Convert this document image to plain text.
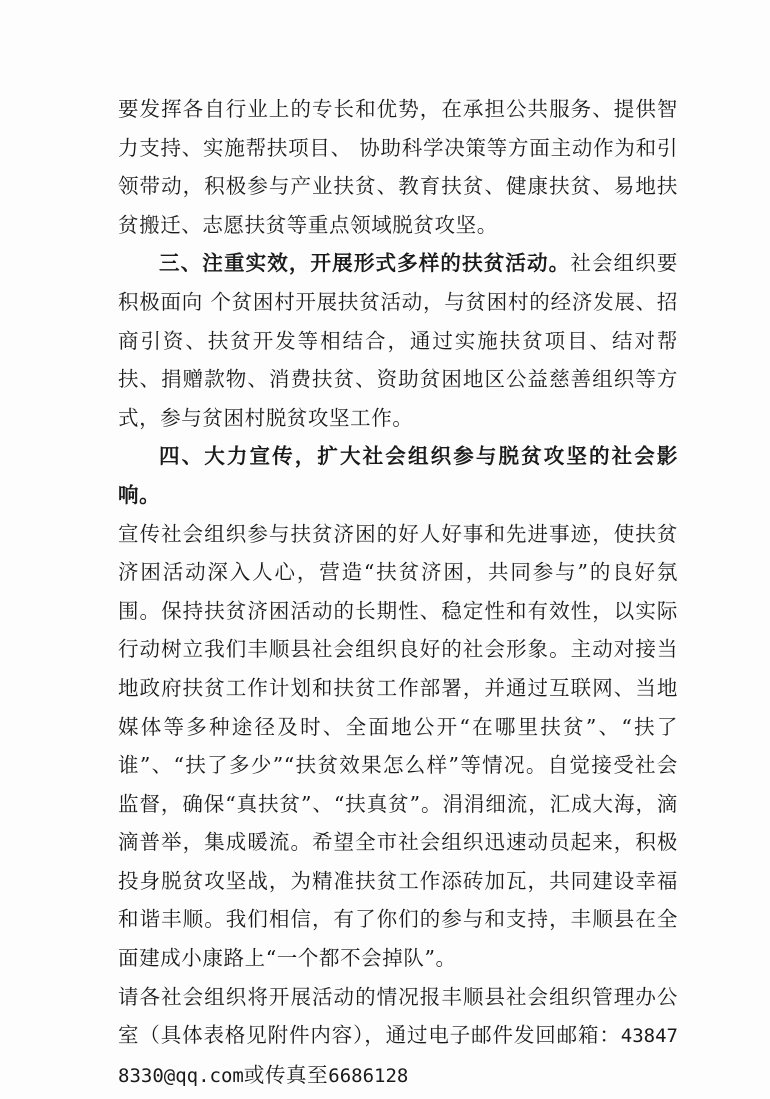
要发挥各自行业上的专长和优势，在承担公共服务、提供智力支持、实施帮扶项目、 协助科学决策等方面主动作为和引领带动，积极参与产业扶贫、教育扶贫、健康扶贫、易地扶贫搬迁、志愿扶贫等重点领域脱贫攻坚。

三、注重实效，开展形式多样的扶贫活动。社会组织要积极面向 个贫困村开展扶贫活动，与贫困村的经济发展、招商引资、扶贫开发等相结合，通过实施扶贫项目、结对帮扶、捐赠款物、消费扶贫、资助贫困地区公益慈善组织等方式，参与贫困村脱贫攻坚工作。

四、大力宣传，扩大社会组织参与脱贫攻坚的社会影响。

宣传社会组织参与扶贫济困的好人好事和先进事迹，使扶贫济困活动深入人心，营造“扶贫济困，共同参与”的良好氛围。保持扶贫济困活动的长期性、稳定性和有效性，以实际行动树立我们丰顺县社会组织良好的社会形象。主动对接当地政府扶贫工作计划和扶贫工作部署，并通过互联网、当地媒体等多种途径及时、全面地公开“在哪里扶贫”、“扶了谁”、“扶了多少”“扶贫效果怎么样”等情况。自觉接受社会监督，确保“真扶贫”、“扶真贫”。涓涓细流，汇成大海，滴滴普举，集成暖流。希望全市社会组织迅速动员起来，积极投身脱贫攻坚战，为精准扶贫工作添砖加瓦，共同建设幸福和谐丰顺。我们相信，有了你们的参与和支持，丰顺县在全面建成小康路上“一个都不会掉队”。

请各社会组织将开展活动的情况报丰顺县社会组织管理办公室（具体表格见附件内容），通过电子邮件发回邮箱：438478330@qq.com或传真至6686128
